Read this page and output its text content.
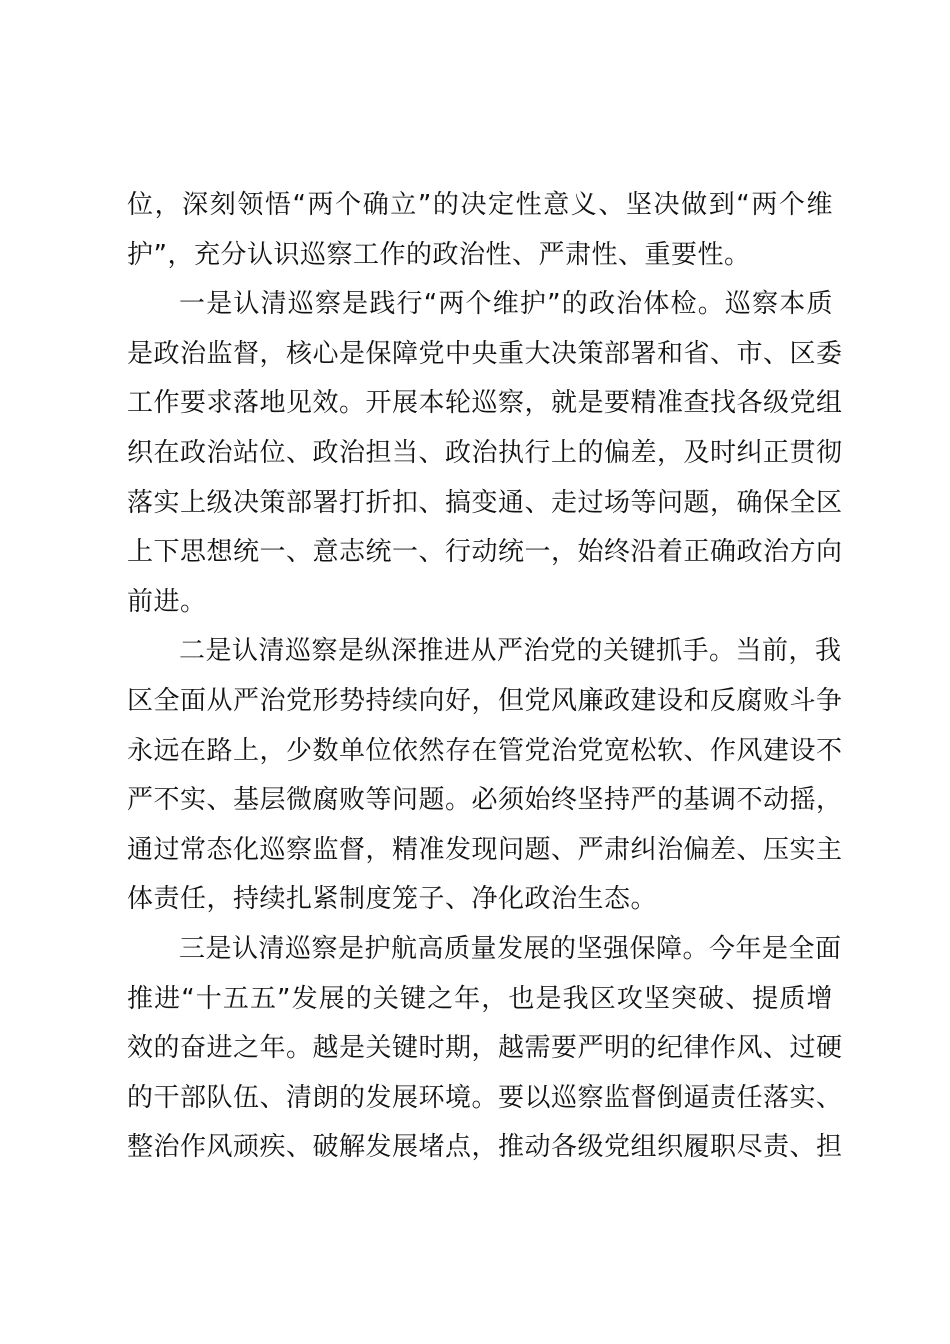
位，深刻领悟“两个确立”的决定性意义、坚决做到“两个维
护”，充分认识巡察工作的政治性、严肃性、重要性。
一是认清巡察是践行“两个维护”的政治体检。巡察本质
是政治监督，核心是保障党中央重大决策部署和省、市、区委
工作要求落地见效。开展本轮巡察，就是要精准查找各级党组
织在政治站位、政治担当、政治执行上的偏差，及时纠正贯彻
落实上级决策部署打折扣、搞变通、走过场等问题，确保全区
上下思想统一、意志统一、行动统一，始终沿着正确政治方向
前进。
二是认清巡察是纵深推进从严治党的关键抓手。当前，我
区全面从严治党形势持续向好，但党风廉政建设和反腐败斗争
永远在路上，少数单位依然存在管党治党宽松软、作风建设不
严不实、基层微腐败等问题。必须始终坚持严的基调不动摇，
通过常态化巡察监督，精准发现问题、严肃纠治偏差、压实主
体责任，持续扎紧制度笼子、净化政治生态。
三是认清巡察是护航高质量发展的坚强保障。今年是全面
推进“十五五”发展的关键之年，也是我区攻坚突破、提质增
效的奋进之年。越是关键时期，越需要严明的纪律作风、过硬
的干部队伍、清朗的发展环境。要以巡察监督倒逼责任落实、
整治作风顽疾、破解发展堵点，推动各级党组织履职尽责、担
